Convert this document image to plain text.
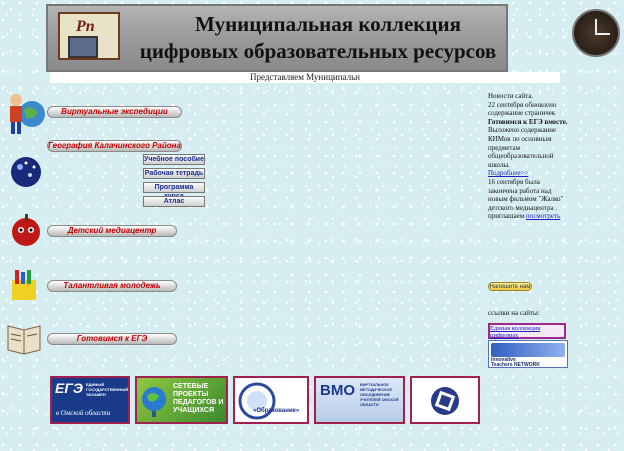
Рп	Муниципальная коллекция
цифровых образовательных ресурсов
Представляем Муниципальн
Виртуальные экспедиции
География Калачинского Района
Учебное пособие
Рабочая тетрадь
Программа
Атлас
Детский медиацентр
Талантливая молодежь
Готовимся к ЕГЭ
Новости сайта.
22 сентября обновлено содержание страничек Готовимся к ЕГЭ вместе. Выложено содержание КИМов по основным предметам общеобразовательной школы.
Подробнее>>
16 сентября была закончена работа над новым фильмом "Жалко" детского медиацентра . приглашаем посмотреть
Напишите нам
ссылки на сайты:
Единая коллекция цифровых
Innovative
Teachers NETWORK
ЕГЭ ЕДИНЫЙ ГОСУДАРСТВЕННЫЙ ЭКЗАМЕН
в Омской области
СЕТЕВЫЕ ПРОЕКТЫ ПЕДАГОГОВ И УЧАЩИХСЯ	«Образование»
ВМО ВИРТУАЛЬНОЕ МЕТОДИЧЕСКОЕ ОБЪЕДИНЕНИЕ УЧИТЕЛЕЙ ОМСКОЙ ОБЛАСТИ
